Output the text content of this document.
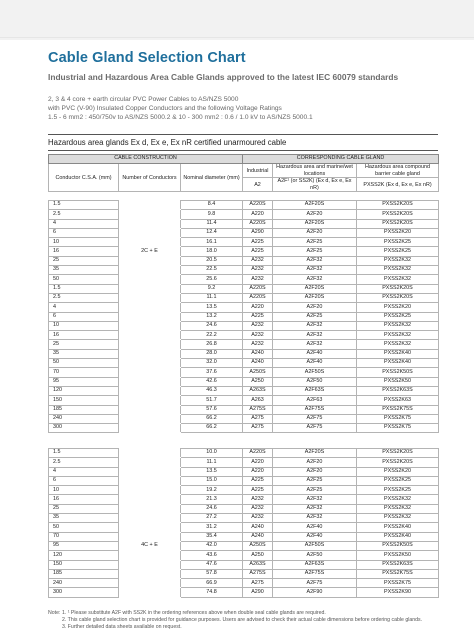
Cable Gland Selection Chart
Industrial and Hazardous Area Cable Glands approved to the latest IEC 60079 standards
2, 3 & 4 core + earth circular PVC Power Cables to AS/NZS 5000
with PVC (V-90) Insulated Copper Conductors and the following Voltage Ratings
1.5 - 6 mm2 : 450/750v to AS/NZS 5000.2 & 10 - 300 mm2 : 0.6 / 1.0 kV to AS/NZS 5000.1
Hazardous area glands Ex d, Ex e, Ex nR certified unarmoured cable
CABLE CONSTRUCTION			CORRESPONDING CABLE GLAND		
Conductor C.S.A. (mm)	Number of Conductors	Nominal diameter (mm)	Industrial	Hazardous area and marine/wet locations	Hazardous area compound barrier cable gland
			A2	A2F¹ (or SS2K) (Ex d, Ex e, Ex nR)	PXSS2K (Ex d, Ex e, Ex nR)
1.5		8.4	A220S	A2F20S	PXSS2K20S
2.5		9.8	A220	A2F20	PXSS2K20S
4		11.4	A220S	A2F20S	PXSS2K20S
6		12.4	A290	A2F20	PXSS2K20
10		16.1	A225	A2F25	PXSS2K25
16	2C + E	18.0	A225	A2F25	PXSS2K25
25		20.5	A232	A2F32	PXSS2K32
35		22.5	A232	A2F32	PXSS2K32
50		25.6	A232	A2F32	PXSS2K32
1.5		9.2	A220S	A2F20S	PXSS2K20S
2.5		11.1	A220S	A2F20S	PXSS2K20S
4		13.5	A220	A2F20	PXSS2K20
6		13.2	A225	A2F25	PXSS2K25
10		24.6	A232	A2F32	PXSS2K32
16		22.2	A232	A2F32	PXSS2K32
25		26.8	A232	A2F32	PXSS2K32
35		28.0	A240	A2F40	PXSS2K40
50		32.0	A240	A2F40	PXSS2K40
70		37.6	A250S	A2F50S	PXSS2K50S
95		42.6	A250	A2F50	PXSS2K50
120		46.3	A263S	A2F63S	PXSS2K63S
150		51.7	A263	A2F63	PXSS2K63
185		57.6	A275S	A2F75S	PXSS2K75S
240		66.2	A275	A2F75	PXSS2K75
300		66.2	A275	A2F75	PXSS2K75
1.5		10.0	A220S	A2F20S	PXSS2K20S
2.5		11.1	A220	A2F20	PXSS2K20S
4		13.5	A220	A2F20	PXSS2K20
6		15.0	A225	A2F25	PXSS2K25
10		19.2	A225	A2F25	PXSS2K25
16		21.3	A232	A2F32	PXSS2K32
25		24.6	A232	A2F32	PXSS2K32
35		27.2	A232	A2F32	PXSS2K32
50		31.2	A240	A2F40	PXSS2K40
70		35.4	A240	A2F40	PXSS2K40
95	4C + E	42.0	A250S	A2F50S	PXSS2K50S
120		43.6	A250	A2F50	PXSS2K50
150		47.6	A263S	A2F63S	PXSS2K63S
185		57.8	A275S	A2F75S	PXSS2K75S
240		66.9	A275	A2F75	PXSS2K75
300		74.8	A290	A2F90	PXSS2K90
Note: 1. ¹ Please substitute A2F with SS2K in the ordering references above when double seal cable glands are required.
2. This cable gland selection chart is provided for guidance purposes. Users are advised to check their actual cable dimensions before ordering cable glands.
3. Further detailed data sheets available on request.
